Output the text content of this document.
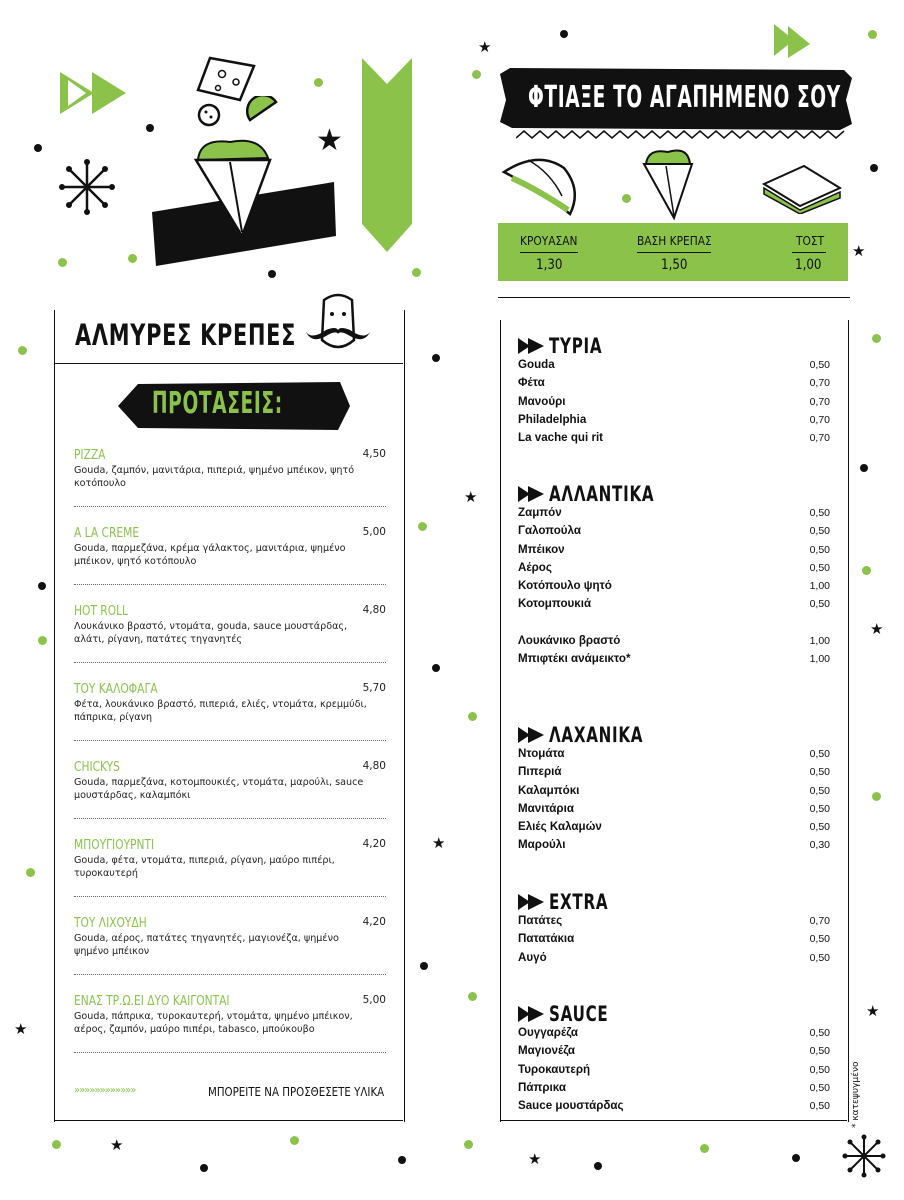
★
★
★
★
★
★
★
★
★
★
ΑΛΜΥΡΕΣ ΚΡΕΠΕΣ
ΠΡΟΤΑΣΕΙΣ:
PIZZA	4,50
Gouda, ζαμπόν, μανιτάρια, πιπεριά, ψημένο μπέικον, ψητό κοτόπουλο
A LA CREME	5,00
Gouda, παρμεζάνα, κρέμα γάλακτος, μανιτάρια, ψημένο μπέικον, ψητό κοτόπουλο
HOT ROLL	4,80
Λουκάνικο βραστό, ντομάτα, gouda, sauce μουστάρδας, αλάτι, ρίγανη, πατάτες τηγανητές
ΤΟΥ ΚΑΛΟΦΑΓΑ	5,70
Φέτα, λουκάνικο βραστό, πιπεριά, ελιές, ντομάτα, κρεμμύδι, πάπρικα, ρίγανη
CHICKYS	4,80
Gouda, παρμεζάνα, κοτομπουκιές, ντομάτα, μαρούλι, sauce μουστάρδας, καλαμπόκι
ΜΠΟΥΓΙΟΥΡΝΤΙ	4,20
Gouda, φέτα, ντομάτα, πιπεριά, ρίγανη, μαύρο πιπέρι, τυροκαυτερή
ΤΟΥ ΛΙΧΟΥΔΗ	4,20
Gouda, αέρος, πατάτες τηγανητές, μαγιονέζα, ψημένο ψημένο μπέικον
ΕΝΑΣ ΤΡ.Ω.ΕΙ ΔΥΟ ΚΑΙΓΟΝΤΑΙ	5,00
Gouda, πάπρικα, τυροκαυτερή, ντομάτα, ψημένο μπέικον, αέρος, ζαμπόν, μαύρο πιπέρι, tabasco, μπούκουβο
»»»»»»»»»»»»	ΜΠΟΡΕΙΤΕ ΝΑ ΠΡΟΣΘΕΣΕΤΕ ΥΛΙΚΑ
ΦΤΙΑΞΕ ΤΟ ΑΓΑΠΗΜΕΝΟ ΣΟΥ
ΚΡΟΥΑΣΑΝ
1,30
ΒΑΣΗ ΚΡΕΠΑΣ
1,50
ΤΟΣΤ
1,00
ΤΥΡΙΑ
Gouda	0,50
Φέτα	0,70
Μανούρι	0,70
Philadelphia	0,70
La vache qui rit	0,70
ΑΛΛΑΝΤΙΚΑ
Ζαμπόν	0,50
Γαλοπούλα	0,50
Μπέικον	0,50
Αέρος	0,50
Κοτόπουλο ψητό	1,00
Κοτομπουκιά	0,50
Λουκάνικο βραστό	1,00
Μπιφτέκι ανάμεικτο*	1,00
ΛΑΧΑΝΙΚΑ
Ντομάτα	0,50
Πιπεριά	0,50
Καλαμπόκι	0,50
Μανιτάρια	0,50
Ελιές Καλαμών	0,50
Μαρούλι	0,30
EXTRA
Πατάτες	0,70
Πατατάκια	0,50
Αυγό	0,50
SAUCE
Ουγγαρέζα	0,50
Μαγιονέζα	0,50
Τυροκαυτερή	0,50
Πάπρικα	0,50
Sauce μουστάρδας	0,50 * κατεψυγμένο
